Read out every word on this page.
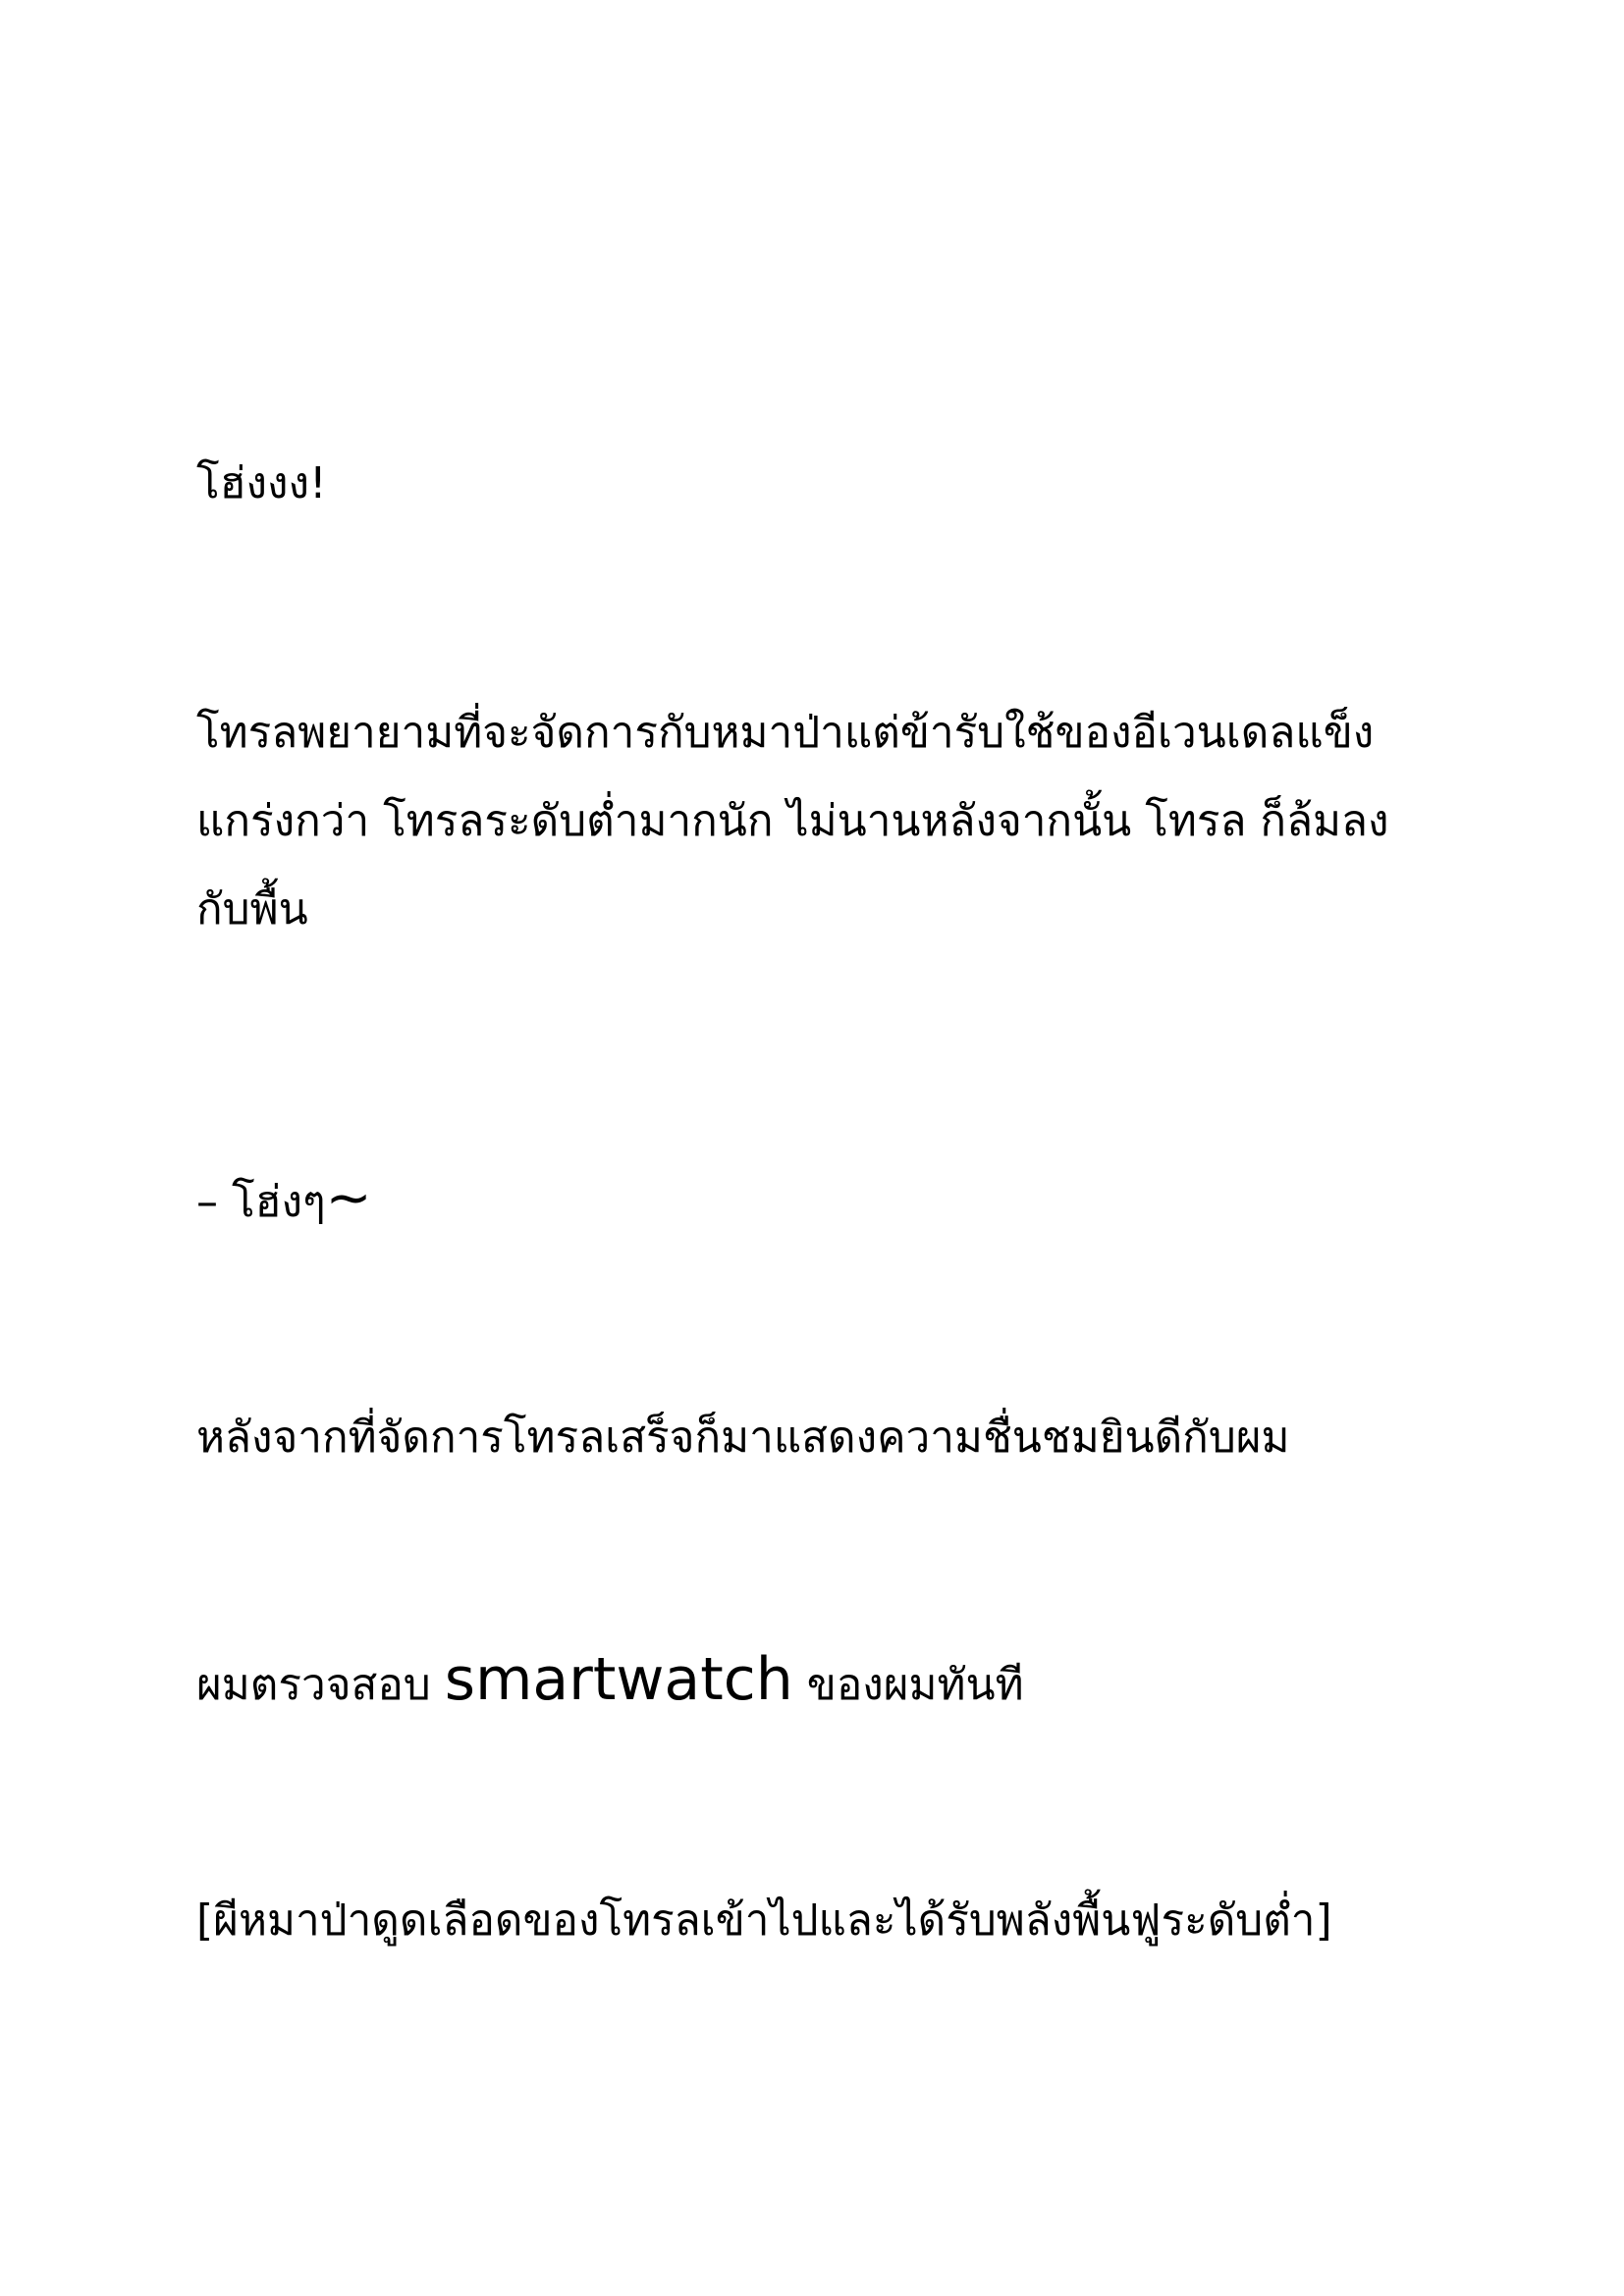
โฮ่งงง!

โทรลพยายามที่จะจัดการกับหมาป่าแต่ข้ารับใช้ของอีเวนเดลแข็ง
แกร่งกว่า โทรลระดับต่ำมากนัก ไม่นานหลังจากนั้น โทรล ก็ล้มลง
กับพื้น

– โฮ่งๆ~

หลังจากที่จัดการโทรลเสร็จก็มาแสดงความชื่นชมยินดีกับผม

ผมตรวจสอบ smartwatch ของผมทันที

[ผีหมาป่าดูดเลือดของโทรลเข้าไปและได้รับพลังพื้นฟูระดับต่ำ]
